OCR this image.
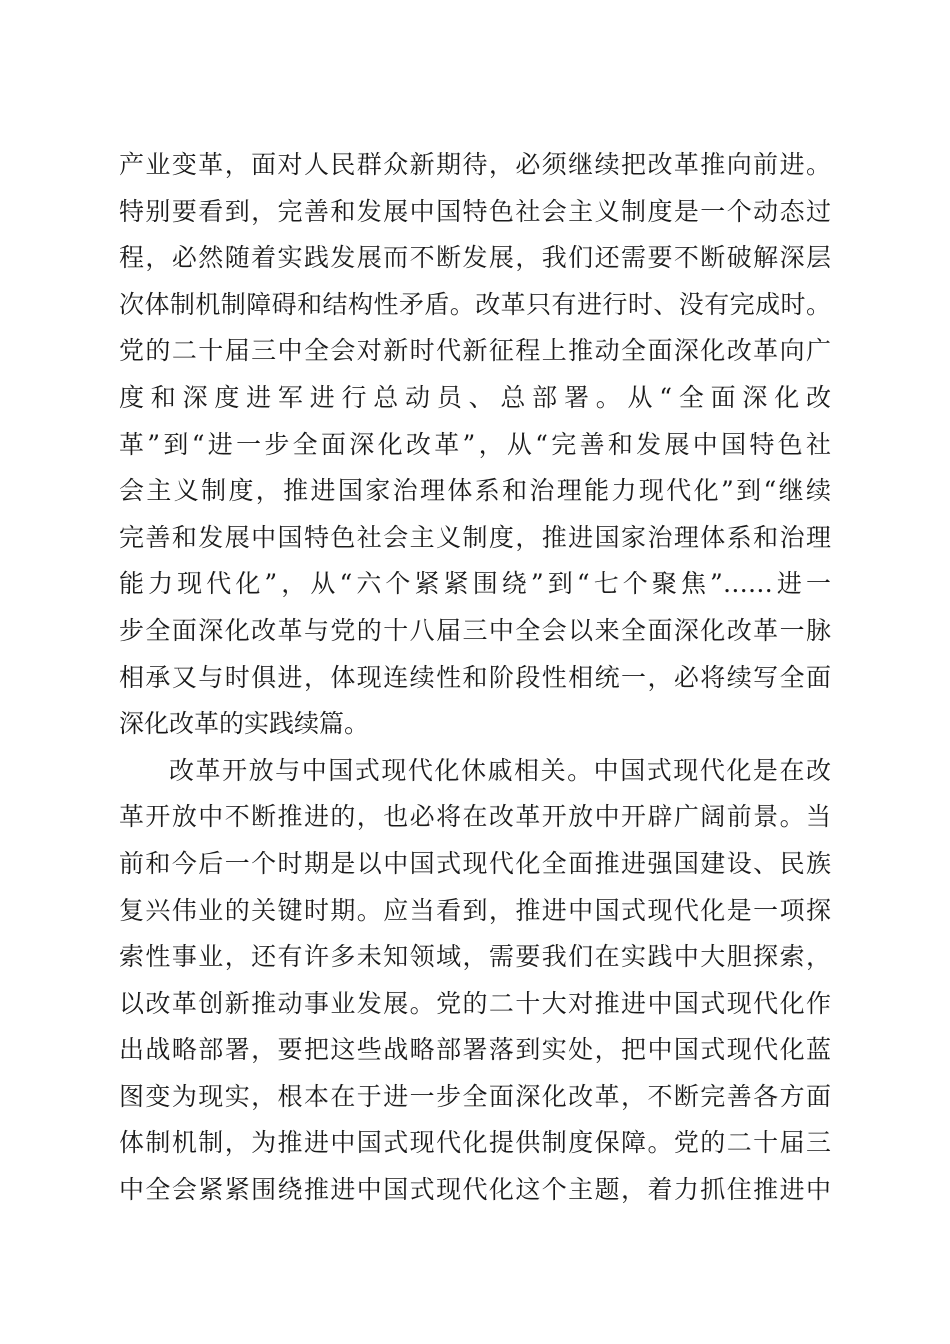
产业变革，面对人民群众新期待，必须继续把改革推向前进。
特别要看到，完善和发展中国特色社会主义制度是一个动态过
程，必然随着实践发展而不断发展，我们还需要不断破解深层
次体制机制障碍和结构性矛盾。改革只有进行时、没有完成时。
党的二十届三中全会对新时代新征程上推动全面深化改革向广
度和深度进军进行总动员、总部署。从“全面深化改
革”到“进一步全面深化改革”，从“完善和发展中国特色社
会主义制度，推进国家治理体系和治理能力现代化”到“继续
完善和发展中国特色社会主义制度，推进国家治理体系和治理
能力现代化”，从“六个紧紧围绕”到“七个聚焦”……进一
步全面深化改革与党的十八届三中全会以来全面深化改革一脉
相承又与时俱进，体现连续性和阶段性相统一，必将续写全面
深化改革的实践续篇。
改革开放与中国式现代化休戚相关。中国式现代化是在改
革开放中不断推进的，也必将在改革开放中开辟广阔前景。当
前和今后一个时期是以中国式现代化全面推进强国建设、民族
复兴伟业的关键时期。应当看到，推进中国式现代化是一项探
索性事业，还有许多未知领域，需要我们在实践中大胆探索，
以改革创新推动事业发展。党的二十大对推进中国式现代化作
出战略部署，要把这些战略部署落到实处，把中国式现代化蓝
图变为现实，根本在于进一步全面深化改革，不断完善各方面
体制机制，为推进中国式现代化提供制度保障。党的二十届三
中全会紧紧围绕推进中国式现代化这个主题，着力抓住推进中
